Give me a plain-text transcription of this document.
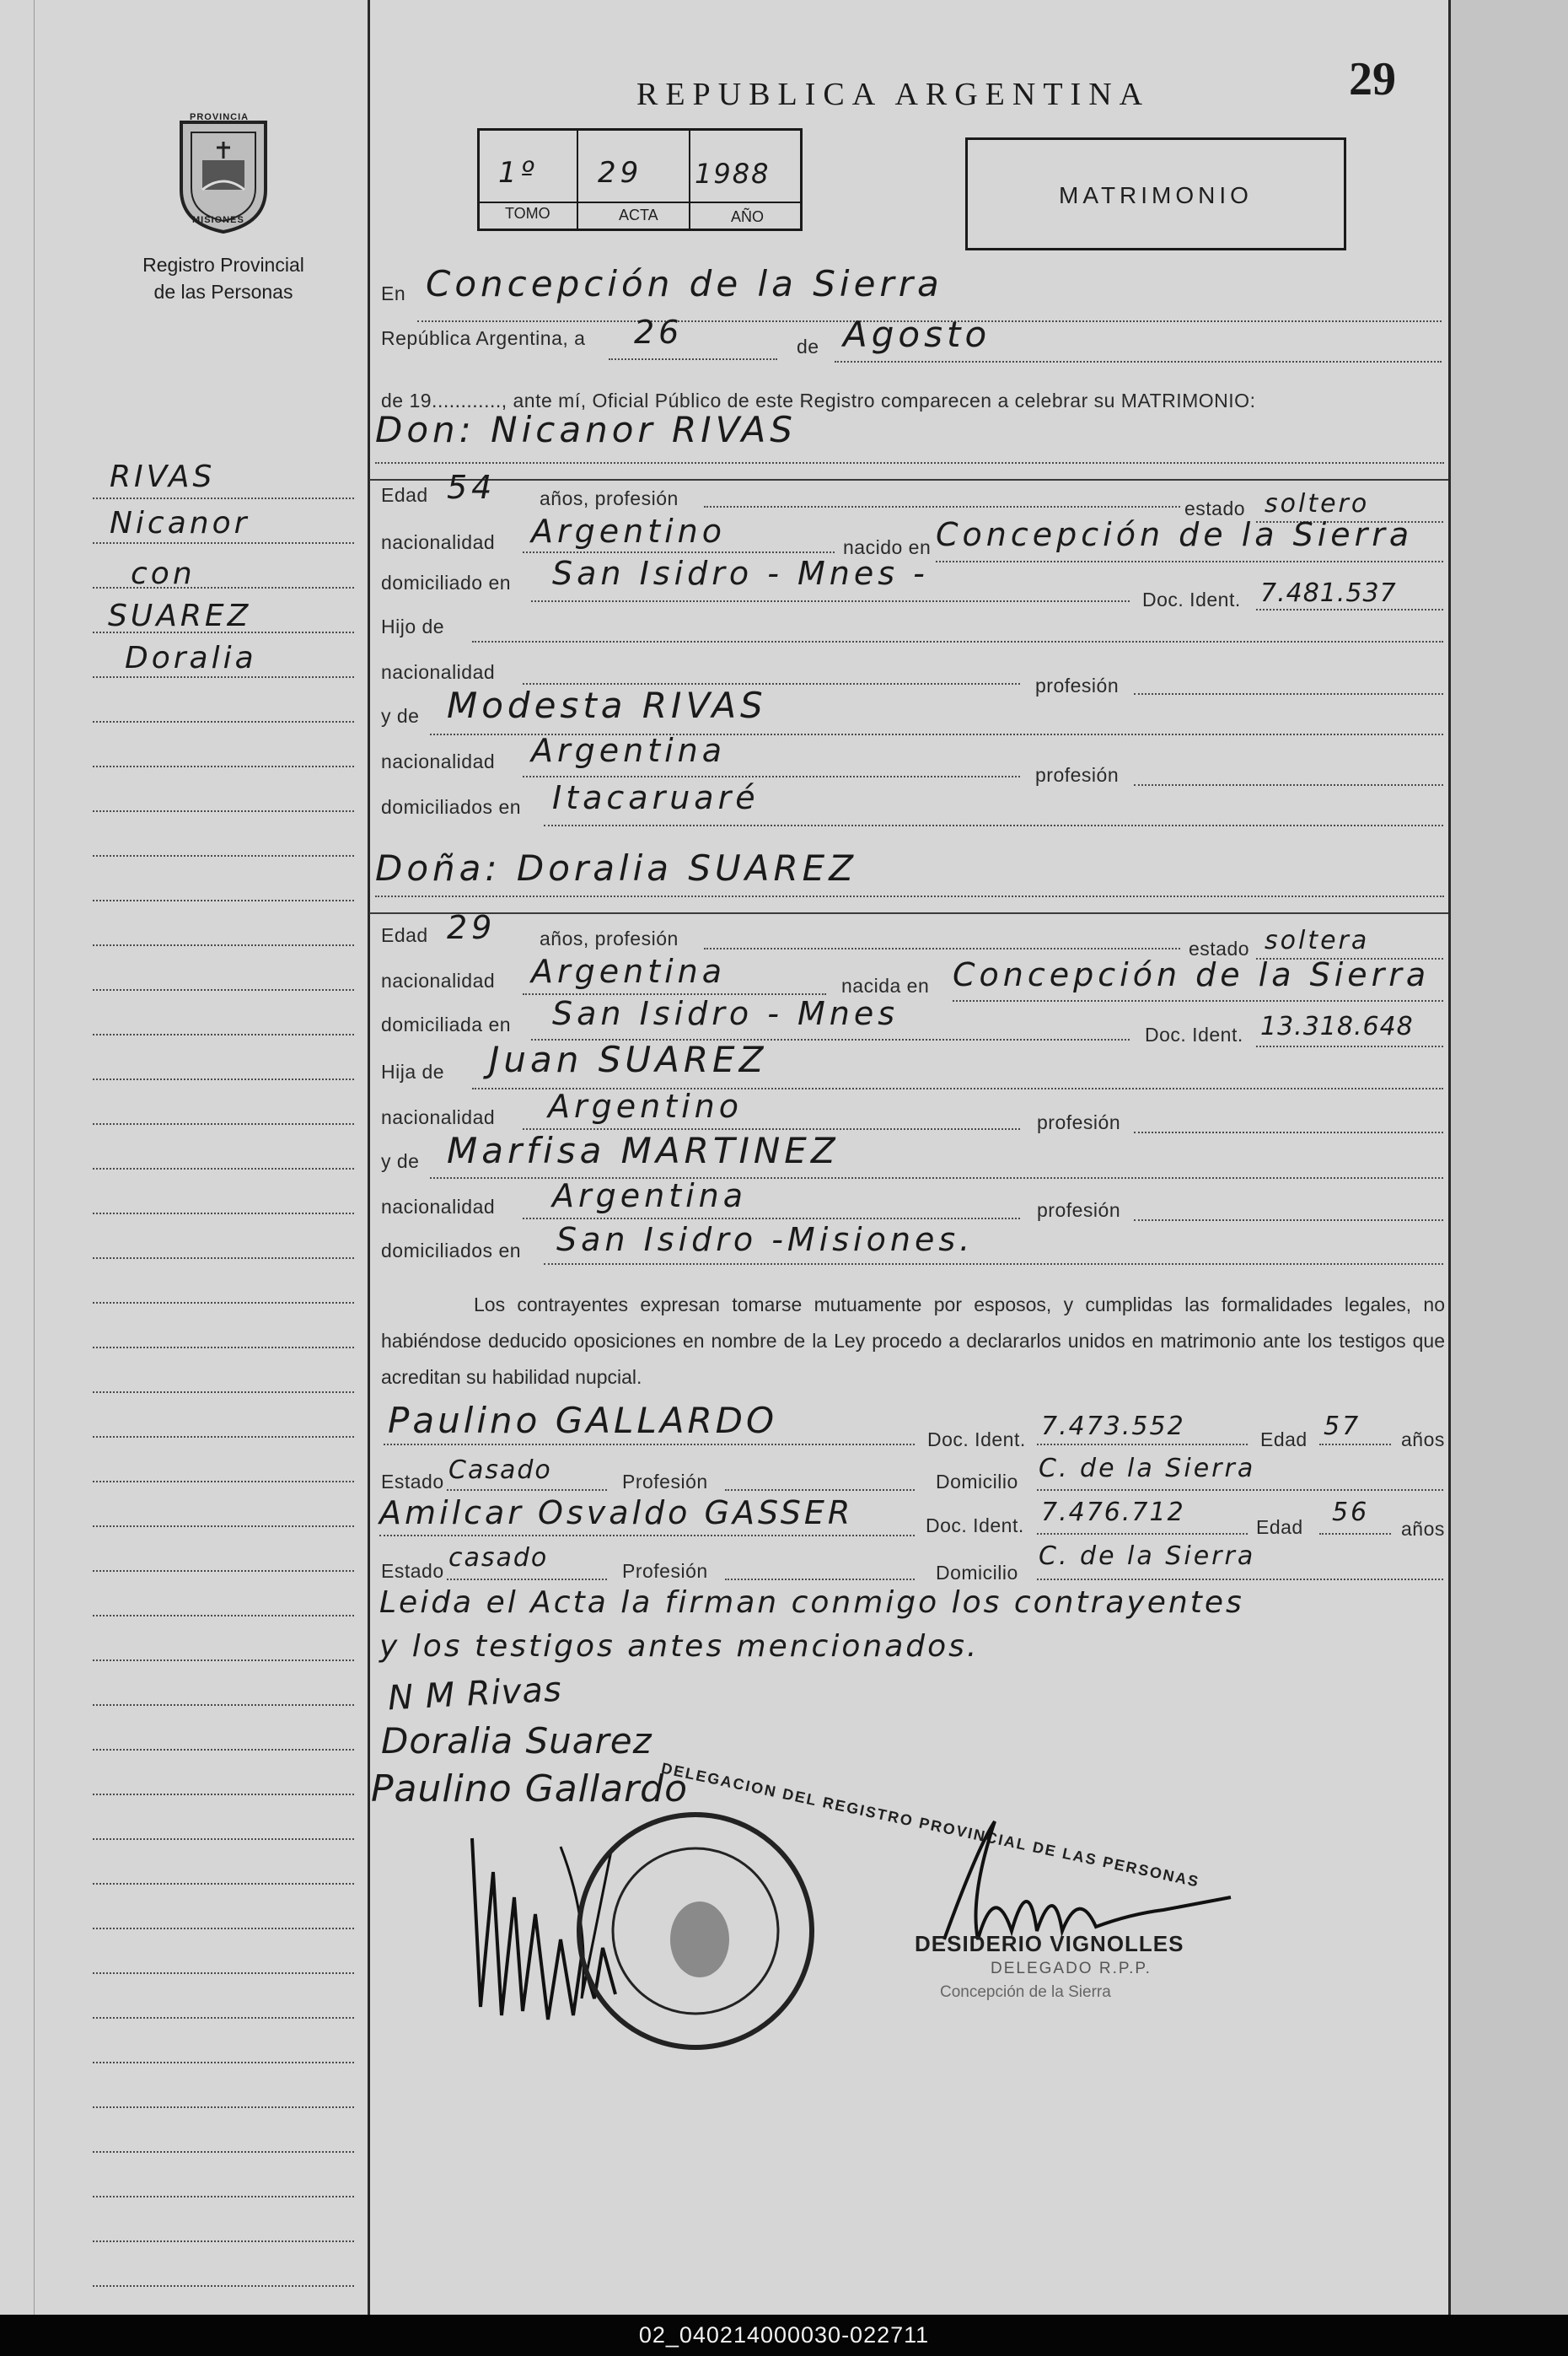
RIVAS
Nicanor
con
SUAREZ
Doralia
PROVINCIA
MISIONES
Registro Provincial
de las Personas
REPUBLICA ARGENTINA	29
1º 29 1988
TOMO	ACTA	AÑO
MATRIMONIO
En Concepción de la Sierra
República Argentina, a 26	de Agosto
de 19............, ante mí, Oficial Público de este Registro comparecen a celebrar su MATRIMONIO:
Don: Nicanor RIVAS
Edad 54 años, profesión	estado soltero
nacionalidad Argentino	nacido en Concepción de la Sierra
domiciliado en San Isidro - Mnes -
Doc. Ident. 7.481.537
Hijo de
nacionalidad
profesión
y de Modesta RIVAS
nacionalidad Argentina
profesión
domiciliados en Itacaruaré
Doña: Doralia SUAREZ
Edad 29 años, profesión	estado soltera
nacionalidad Argentina	nacida en Concepción de la Sierra
domiciliada en San Isidro - Mnes
Doc. Ident. 13.318.648
Hija de Juan SUAREZ
nacionalidad Argentino	profesión
y de Marfisa MARTINEZ
nacionalidad Argentina	profesión
domiciliados en San Isidro -Misiones.
Los contrayentes expresan tomarse mutuamente por esposos, y cumplidas las formalidades legales, no habiéndose deducido oposiciones en nombre de la Ley procedo a declararlos unidos en matrimonio ante los testigos que acreditan su habilidad nupcial.
Paulino GALLARDO	Doc. Ident. 7.473.552	Edad 57 años
Estado Casado	Profesión	Domicilio C. de la Sierra
Amilcar Osvaldo GASSER	Doc. Ident. 7.476.712	Edad 56
años
Estado casado	Profesión	Domicilio
C. de la Sierra
Leida el Acta la firman conmigo los contrayentes
y los testigos antes mencionados.
N M Rivas
Doralia Suarez
Paulino Gallardo
DELEGACION DEL REGISTRO PROVINCIAL DE LAS PERSONAS
DESIDERIO VIGNOLLES
DELEGADO R.P.P.
Concepción de la Sierra
02_040214000030-022711
